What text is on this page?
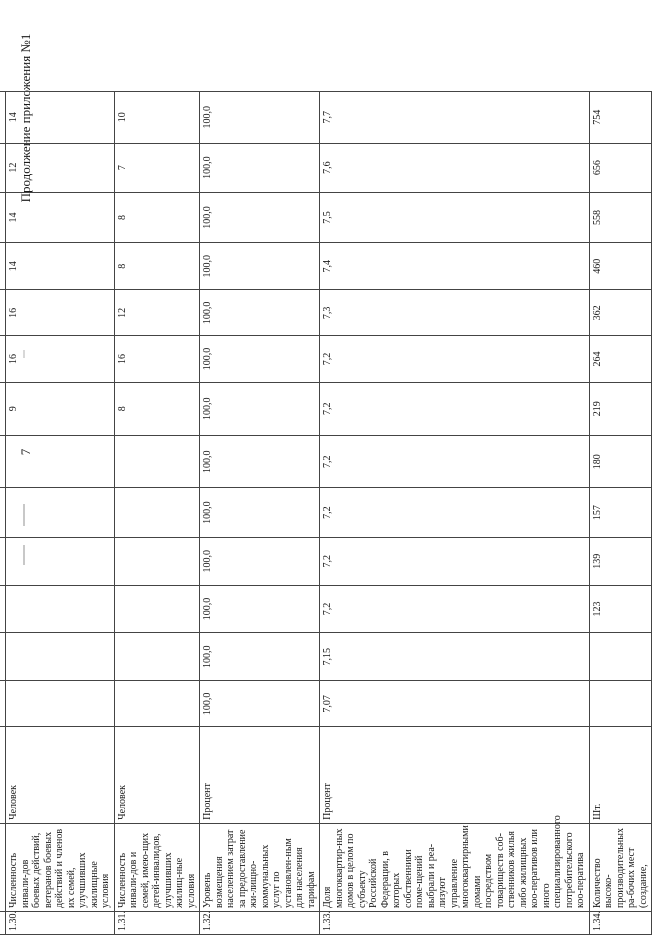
7
Продолжение приложения №1

1.30.	Численность инвали-дов боевых действий, ветеранов боевых действий и членов их семей, улучшивших жилищные условия	Человек							9	16	16	14	14	12	14
1.31.	Численность инвали-дов и семей, имею-щих детей-инвалидов, улучшивших жилищ-ные условия	Человек							8	16	12	8	8	7	10
1.32.	Уровень возмещения населением затрат за предоставление жи-лищно-коммунальных услуг по установлен-ным для населения тарифам	Процент	100,0	100,0	100,0	100,0	100,0	100,0	100,0	100,0	100,0	100,0	100,0	100,0	100,0
1.33.	Доля многоквартир-ных домов в целом по субъекту Российской Федерации, в которых собственники поме-щений выбрали и реа-лизуют управление многоквартирными домами посредством товариществ соб-ственников жилья либо жилищных коо-перативов или иного специализированного потребительского коо-ператива	Процент	7,07	7,15	7,2	7,2	7,2	7,2	7,2	7,2	7,3	7,4	7,5	7,6	7,7
1.34.	Количество высоко-производительных ра-бочих мест (создание,	Шт.			123	139	157	180	219	264	362	460	558	656	754
